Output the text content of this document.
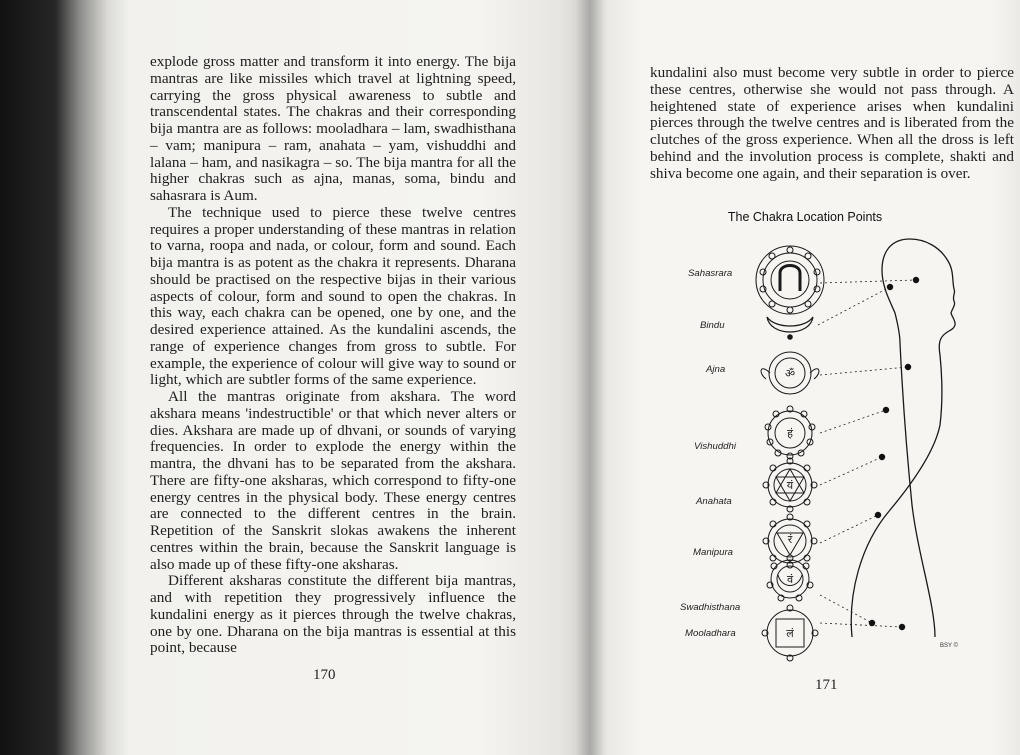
explode gross matter and transform it into energy. The bija mantras are like missiles which travel at lightning speed, carrying the gross physical awareness to subtle and transcendental states. The chakras and their corresponding bija mantra are as follows: mooladhara – lam, swadhisthana – vam; manipura – ram, anahata – yam, vishuddhi and lalana – ham, and nasikagra – so. The bija mantra for all the higher chakras such as ajna, manas, soma, bindu and sahasrara is Aum.

The technique used to pierce these twelve centres requires a proper understanding of these mantras in relation to varna, roopa and nada, or colour, form and sound. Each bija mantra is as potent as the chakra it represents. Dharana should be practised on the respective bijas in their various aspects of colour, form and sound to open the chakras. In this way, each chakra can be opened, one by one, and the desired experience attained. As the kundalini ascends, the range of experience changes from gross to subtle. For example, the experience of colour will give way to sound or light, which are subtler forms of the same experience.

All the mantras originate from akshara. The word akshara means 'indestructible' or that which never alters or dies. Akshara are made up of dhvani, or sounds of varying frequencies. In order to explode the energy within the mantra, the dhvani has to be separated from the akshara. There are fifty-one aksharas, which correspond to fifty-one energy centres in the physical body. These energy centres are connected to the different centres in the brain. Repetition of the Sanskrit slokas awakens the inherent centres within the brain, because the Sanskrit language is also made up of these fifty-one aksharas.

Different aksharas constitute the different bija mantras, and with repetition they progressively influence the kundalini energy as it pierces through the twelve chakras, one by one. Dharana on the bija mantras is essential at this point, because

170

kundalini also must become very subtle in order to pierce these centres, otherwise she would not pass through. A heightened state of experience arises when kundalini pierces through the twelve centres and is liberated from the clutches of the gross experience. When all the dross is left behind and the involution process is complete, shakti and shiva become one again, and their separation is over.

The Chakra Location Points
ॐ
हं
यं
रं
वं
लं
Sahasrara
Bindu
Ajna
Vishuddhi
Anahata
Manipura
Swadhisthana
Mooladhara
BSY ©
171
